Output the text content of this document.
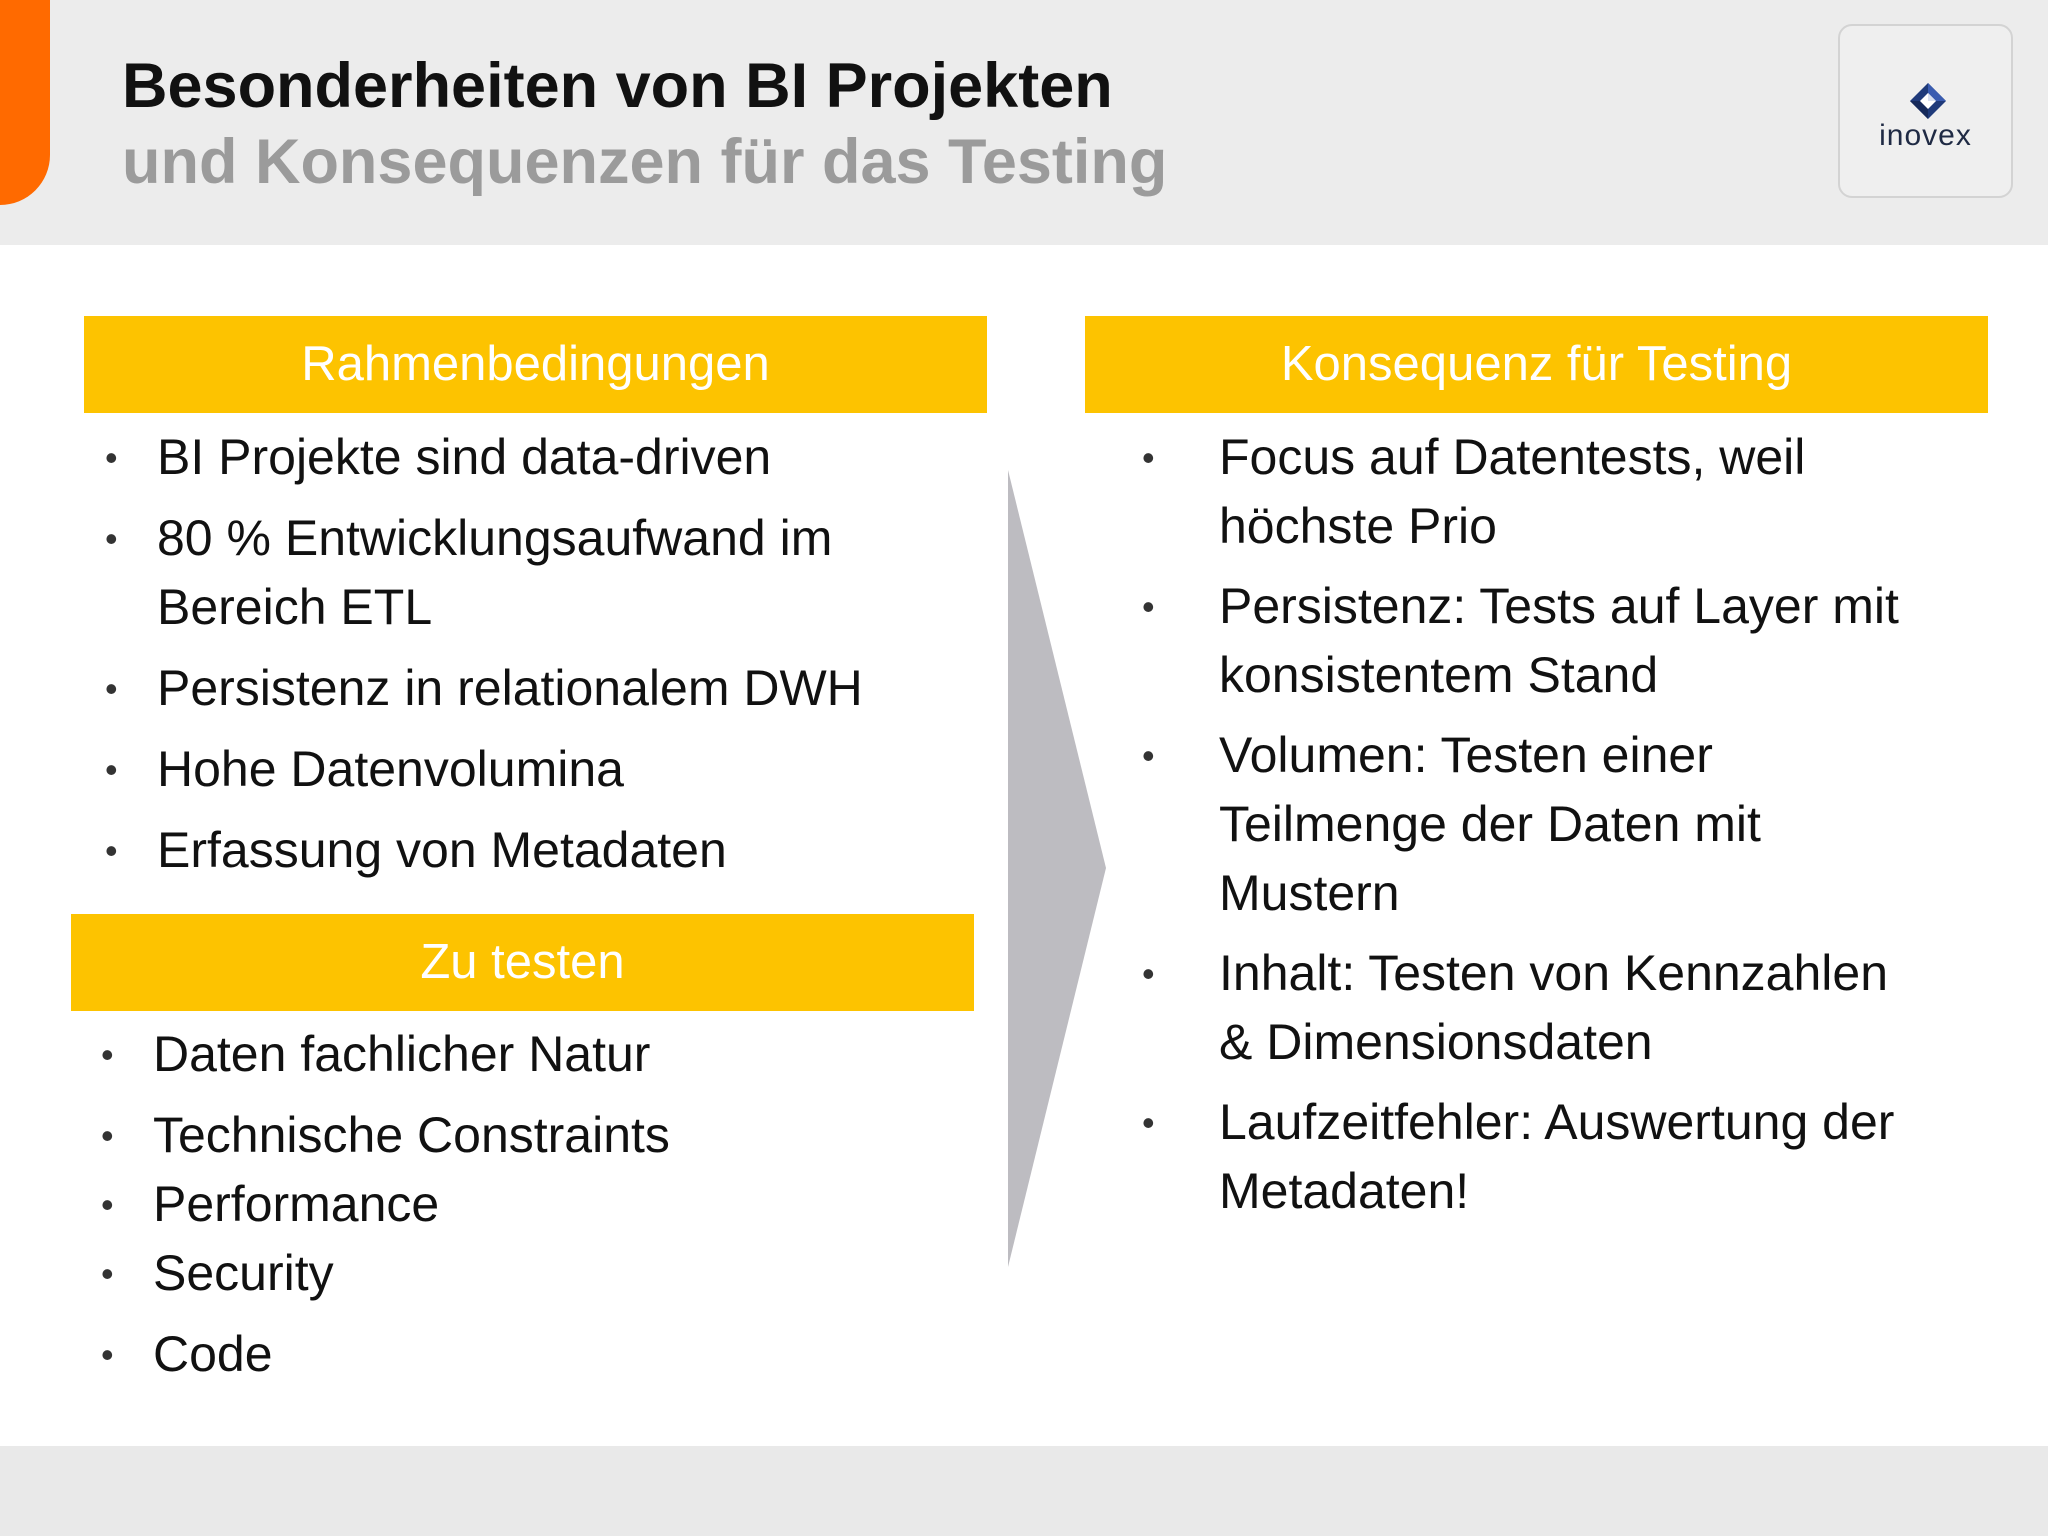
Besonderheiten von BI Projekten
und Konsequenzen für das Testing	inovex
Rahmenbedingungen
• BI Projekte sind data-driven
• 80 % Entwicklungsaufwand im
Bereich ETL
• Persistenz in relationalem DWH
• Hohe Datenvolumina
• Erfassung von Metadaten
Zu testen
• Daten fachlicher Natur
• Technische Constraints
• Performance
• Security
• Code
Konsequenz für Testing
• Focus auf Datentests, weil
höchste Prio
• Persistenz: Tests auf Layer mit
konsistentem Stand
• Volumen: Testen einer
Teilmenge der Daten mit
Mustern
• Inhalt: Testen von Kennzahlen
& Dimensionsdaten
• Laufzeitfehler: Auswertung der
Metadaten!
